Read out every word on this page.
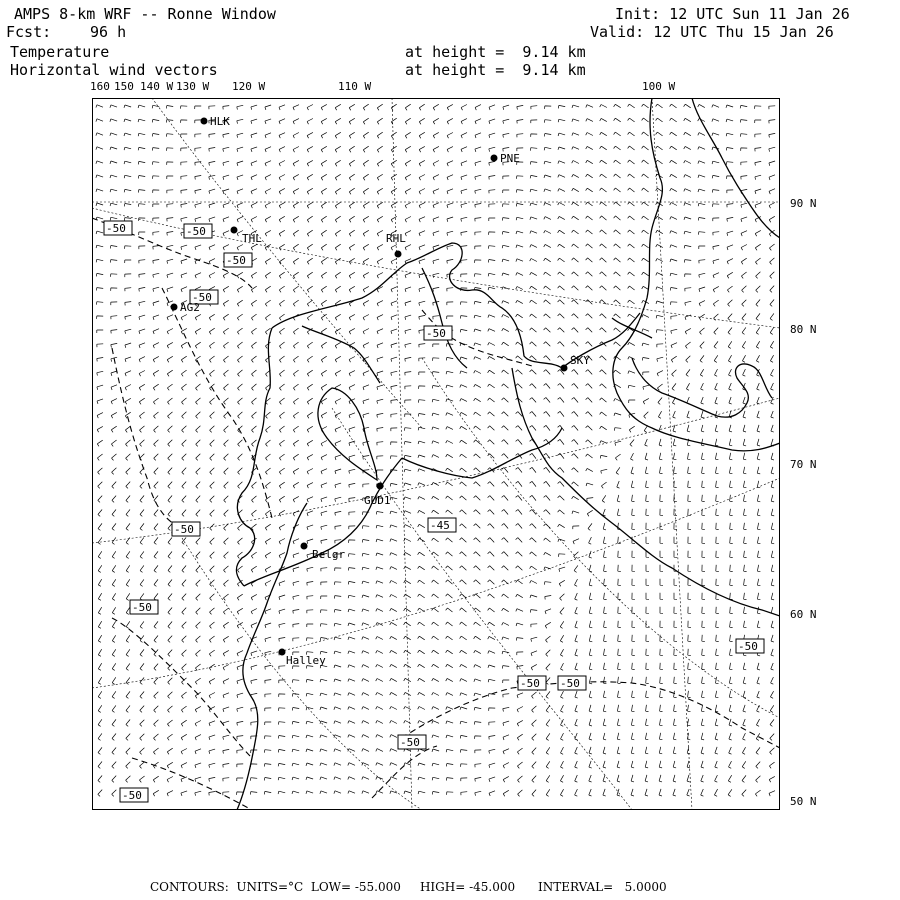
AMPS 8-km WRF -- Ronne Window
Fcst:	96 h
Init: 12 UTC Sun 11 Jan 26
Valid: 12 UTC Thu 15 Jan 26
Temperature	at height =  9.14 km
Horizontal wind vectors	at height =  9.14 km
160 150 140 W 130 W 120 W	110 W	100 W
90 N
80 N
70 N
60 N
50 N
-50	-50
-50
-50
-50
-50	-45
-50
-50
-50 -50
-50
-50
HLK
PNE
THL	RHL
AG2
SKY
GUD1
Belgr
Halley
CONTOURS:  UNITS=°C  LOW= -55.000     HIGH= -45.000      INTERVAL=   5.0000
